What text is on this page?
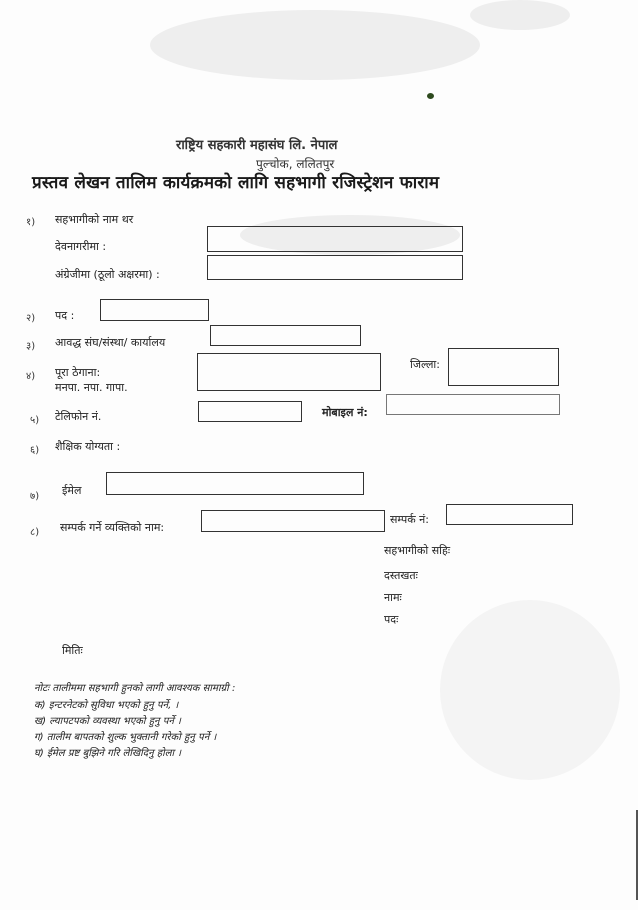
राष्ट्रिय सहकारी महासंघ लि. नेपाल
पुल्चोक, ललितपुर
प्रस्तव लेखन तालिम कार्यक्रमको लागि सहभागी रजिस्ट्रेशन फाराम
१) सहभागीको नाम थर
देवनागरीमा :
अंग्रेजीमा (ठूलो अक्षरमा) :
२) पद :
३) आवद्ध संघ/संस्था/ कार्यालय
४) पूरा ठेगाना:
मनपा. नपा. गापा.
जिल्ला:
५) टेलिफोन नं.	मोबाइल नं:
६) शैक्षिक योग्यता :
७) ईमेल
८) सम्पर्क गर्ने व्यक्तिको नाम:
सम्पर्क नं:
सहभागीको सहिः
दस्तखतः
नामः
पदः
मितिः
नोटः तालीममा सहभागी हुनको लागी आवश्यक सामाग्री :
क) इन्टरनेटको सुविधा भएको हुनु पर्ने, ।
ख) ल्यापटपको व्यवस्था भएको हुनु पर्ने ।
ग) तालीम बापतको शुल्क भुक्तानी गरेको हुनु पर्ने ।
घ) ईमेल प्रष्ट बुझिने गरि लेखिदिनु होला ।
